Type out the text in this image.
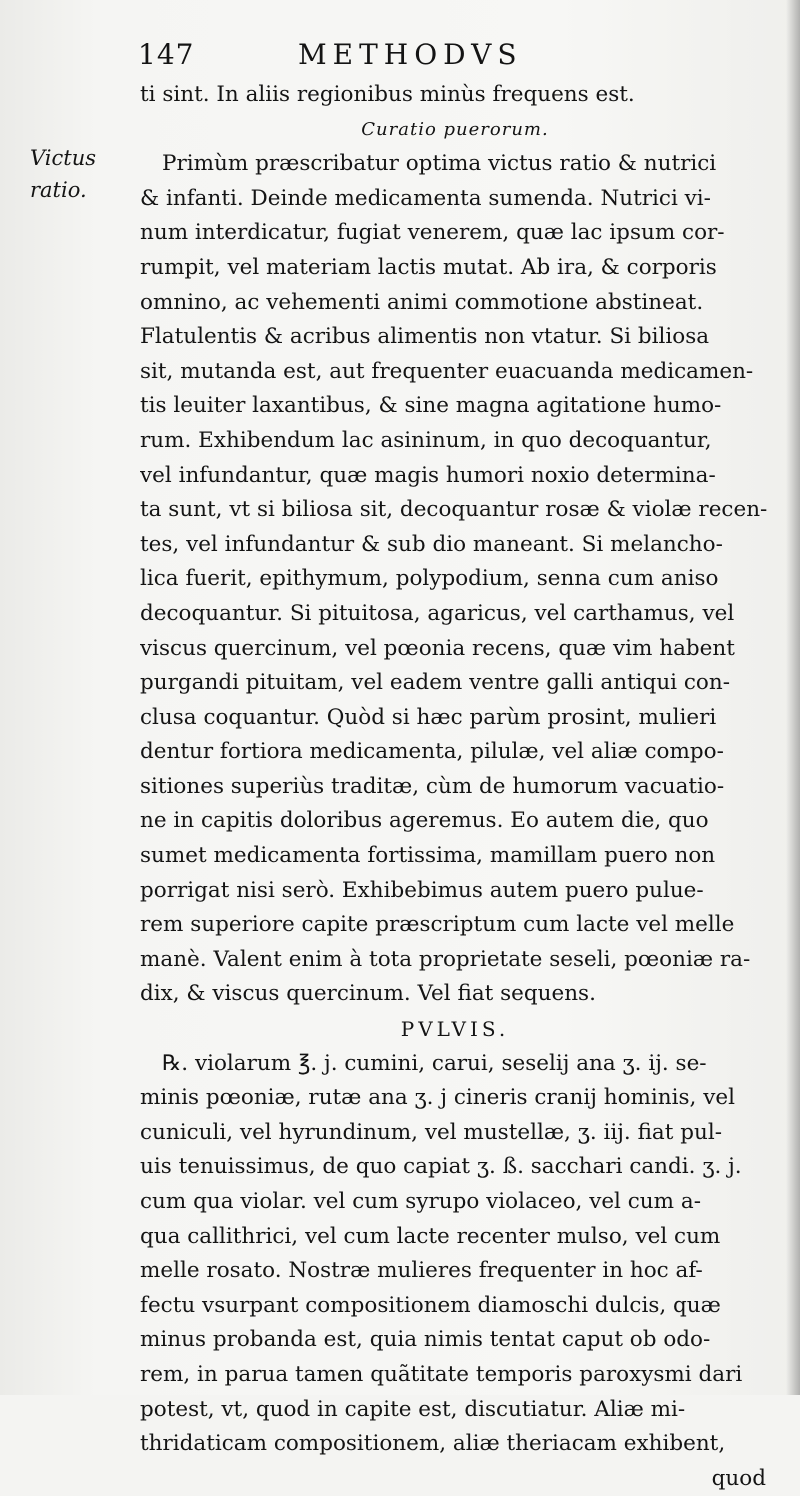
147	METHODVS
Victus
ratio.
ti sint. In aliis regionibus minùs frequens est.
Curatio puerorum.
Primùm præscribatur optima victus ratio & nutrici
& infanti. Deinde medicamenta sumenda. Nutrici vi-
num interdicatur, fugiat venerem, quæ lac ipsum cor-
rumpit, vel materiam lactis mutat. Ab ira, & corporis
omnino, ac vehementi animi commotione abstineat.
Flatulentis & acribus alimentis non vtatur. Si biliosa
sit, mutanda est, aut frequenter euacuanda medicamen-
tis leuiter laxantibus, & sine magna agitatione humo-
rum. Exhibendum lac asininum, in quo decoquantur,
vel infundantur, quæ magis humori noxio determina-
ta sunt, vt si biliosa sit, decoquantur rosæ & violæ recen-
tes, vel infundantur & sub dio maneant. Si melancho-
lica fuerit, epithymum, polypodium, senna cum aniso
decoquantur. Si pituitosa, agaricus, vel carthamus, vel
viscus quercinum, vel pœonia recens, quæ vim habent
purgandi pituitam, vel eadem ventre galli antiqui con-
clusa coquantur. Quòd si hæc parùm prosint, mulieri
dentur fortiora medicamenta, pilulæ, vel aliæ compo-
sitiones superiùs traditæ, cùm de humorum vacuatio-
ne in capitis doloribus ageremus. Eo autem die, quo
sumet medicamenta fortissima, mamillam puero non
porrigat nisi serò. Exhibebimus autem puero pulue-
rem superiore capite præscriptum cum lacte vel melle
manè. Valent enim à tota proprietate seseli, pœoniæ ra-
dix, & viscus quercinum. Vel fiat sequens.
PVLVIS.
℞. violarum ℥. j. cumini, carui, seselij ana ʒ. ij. se-
minis pœoniæ, rutæ ana ʒ. j cineris cranij hominis, vel
cuniculi, vel hyrundinum, vel mustellæ, ʒ. iij. fiat pul-
uis tenuissimus, de quo capiat ʒ. ß. sacchari candi. ʒ. j.
cum qua violar. vel cum syrupo violaceo, vel cum a-
qua callithrici, vel cum lacte recenter mulso, vel cum
melle rosato. Nostræ mulieres frequenter in hoc af-
fectu vsurpant compositionem diamoschi dulcis, quæ
minus probanda est, quia nimis tentat caput ob odo-
rem, in parua tamen quãtitate temporis paroxysmi dari
potest, vt, quod in capite est, discutiatur. Aliæ mi-
thridaticam compositionem, aliæ theriacam exhibent,
quod
